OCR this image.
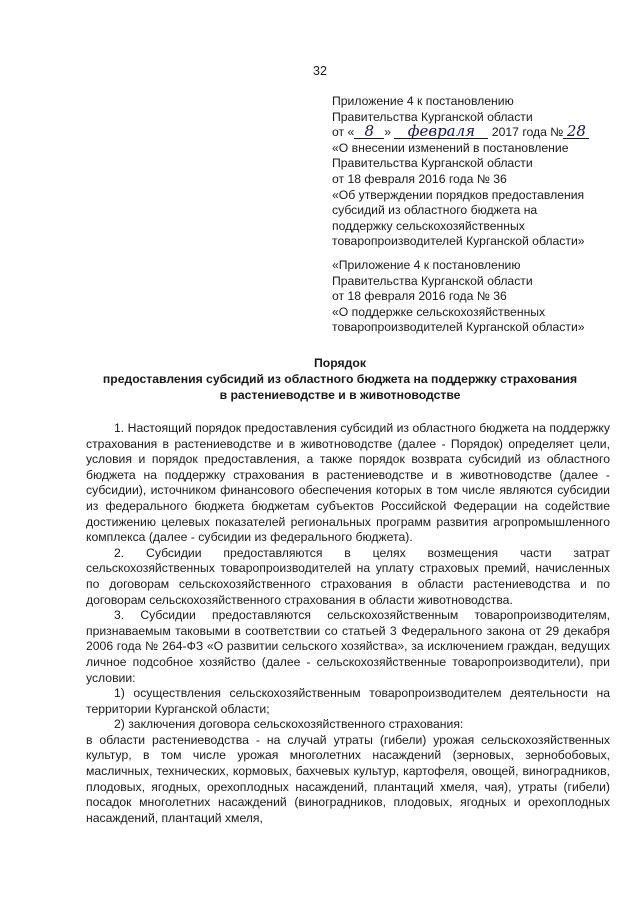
32
Приложение 4 к постановлению
Правительства Курганской области
от « 8 » февраля 2017 года № 28
«О внесении изменений в постановление
Правительства Курганской области
от 18 февраля 2016 года № 36
«Об утверждении порядков предоставления
субсидий из областного бюджета на
поддержку сельскохозяйственных
товаропроизводителей Курганской области»
«Приложение 4 к постановлению
Правительства Курганской области
от 18 февраля 2016 года № 36
«О поддержке сельскохозяйственных
товаропроизводителей Курганской области»
Порядок
предоставления субсидий из областного бюджета на поддержку страхования
в растениеводстве и в животноводстве

1. Настоящий порядок предоставления субсидий из областного бюджета на поддержку страхования в растениеводстве и в животноводстве (далее - Порядок) определяет цели, условия и порядок предоставления, а также порядок возврата субсидий из областного бюджета на поддержку страхования в растениеводстве и в животноводстве (далее - субсидии), источником финансового обеспечения которых в том числе являются субсидии из федерального бюджета бюджетам субъектов Российской Федерации на содействие достижению целевых показателей региональных программ развития агропромышленного комплекса (далее - субсидии из федерального бюджета).

2. Субсидии предоставляются в целях возмещения части затрат сельскохозяйственных товаропроизводителей на уплату страховых премий, начисленных по договорам сельскохозяйственного страхования в области растениеводства и по договорам сельскохозяйственного страхования в области животноводства.

3. Субсидии предоставляются сельскохозяйственным товаропроизводителям, признаваемым таковыми в соответствии со статьей 3 Федерального закона от 29 декабря 2006 года № 264-ФЗ «О развитии сельского хозяйства», за исключением граждан, ведущих личное подсобное хозяйство (далее - сельскохозяйственные товаропроизводители), при условии:

1) осуществления сельскохозяйственным товаропроизводителем деятельности на территории Курганской области;

2) заключения договора сельскохозяйственного страхования:

в области растениеводства - на случай утраты (гибели) урожая сельскохозяйственных культур, в том числе урожая многолетних насаждений (зерновых, зернобобовых, масличных, технических, кормовых, бахчевых культур, картофеля, овощей, виноградников, плодовых, ягодных, орехоплодных насаждений, плантаций хмеля, чая), утраты (гибели) посадок многолетних насаждений (виноградников, плодовых, ягодных и орехоплодных насаждений, плантаций хмеля,
